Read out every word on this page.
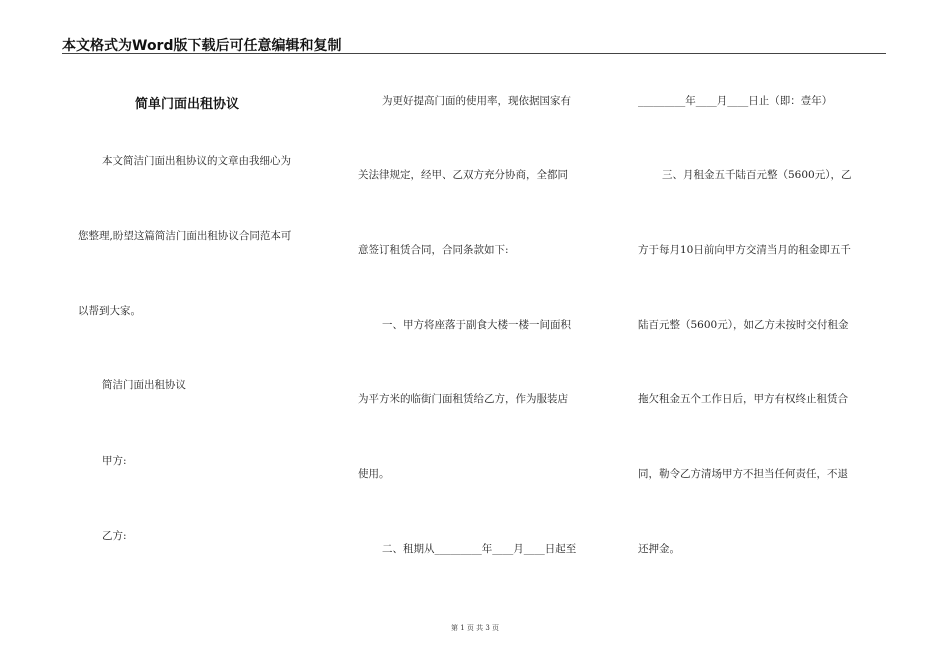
本文格式为Word版下载后可任意编辑和复制
简单门面出租协议
本文简洁门面出租协议的文章由我细心为
您整理,盼望这篇简洁门面出租协议合同范本可
以帮到大家。
简洁门面出租协议
甲方:
乙方:
为更好提高门面的使用率，现依据国家有
关法律规定，经甲、乙双方充分协商，全都同
意签订租赁合同，合同条款如下:
一、甲方将座落于副食大楼一楼一间面积
为平方米的临街门面租赁给乙方，作为服装店
使用。
二、租期从_________年____月____日起至
_________年____月____日止（即：壹年）
三、月租金五千陆百元整（5600元），乙
方于每月10日前向甲方交清当月的租金即五千
陆百元整（5600元），如乙方未按时交付租金
拖欠租金五个工作日后，甲方有权终止租赁合
同，勒令乙方清场甲方不担当任何责任，不退
还押金。
第 1 页 共 3 页
